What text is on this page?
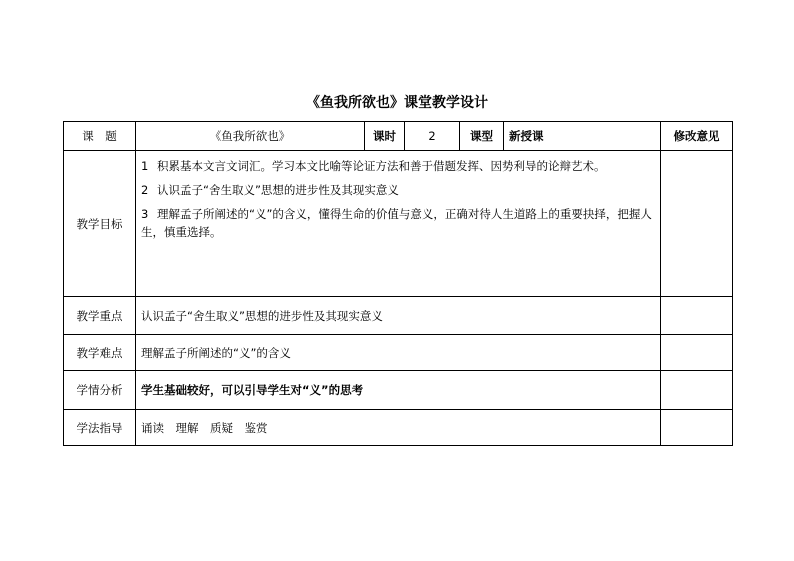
《鱼我所欲也》课堂教学设计
课　题	《鱼我所欲也》	课时	2	课型	新授课	修改意见
教学目标	1 积累基本文言文词汇。学习本文比喻等论证方法和善于借题发挥、因势利导的论辩艺术。
2 认识孟子“舍生取义”思想的进步性及其现实意义
3 理解孟子所阐述的“义”的含义，懂得生命的价值与意义，正确对待人生道路上的重要抉择，把握人生，慎重选择。					

教学重点	认识孟子“舍生取义”思想的进步性及其现实意义					
教学难点	理解孟子所阐述的“义”的含义					
学情分析	学生基础较好，可以引导学生对“义”的思考					
学法指导	诵读　理解　质疑　鉴赏					
